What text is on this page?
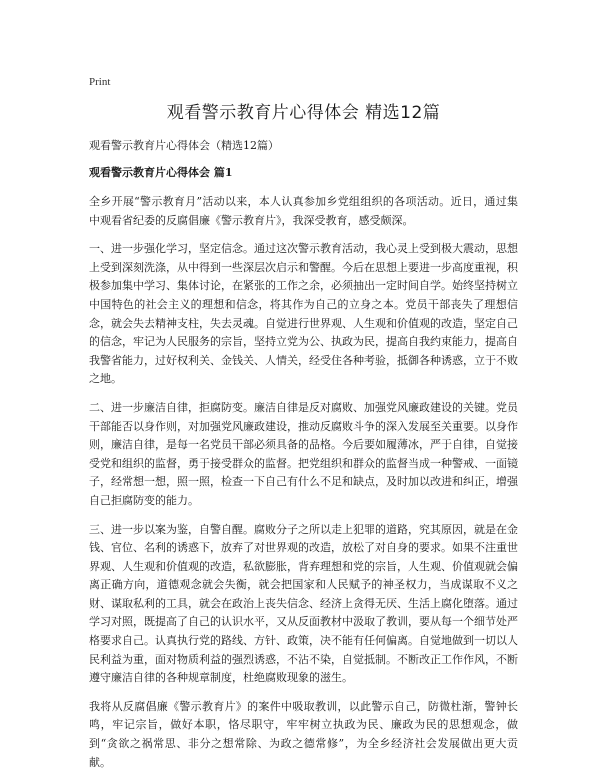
Print
观看警示教育片心得体会 精选12篇

观看警示教育片心得体会（精选12篇）

观看警示教育片心得体会 篇1

全乡开展“警示教育月”活动以来，本人认真参加乡党组组织的各项活动。近日，通过集中观看省纪委的反腐倡廉《警示教育片》，我深受教育，感受颇深。

一、进一步强化学习，坚定信念。通过这次警示教育活动，我心灵上受到极大震动，思想上受到深刻洗涤，从中得到一些深层次启示和警醒。今后在思想上要进一步高度重视，积极参加集中学习、集体讨论，在紧张的工作之余，必须抽出一定时间自学。始终坚持树立中国特色的社会主义的理想和信念，将其作为自己的立身之本。党员干部丧失了理想信念，就会失去精神支柱，失去灵魂。自觉进行世界观、人生观和价值观的改造，坚定自己的信念，牢记为人民服务的宗旨，坚持立党为公、执政为民，提高自我约束能力，提高自我警省能力，过好权利关、金钱关、人情关，经受住各种考验，抵御各种诱惑，立于不败之地。

二、进一步廉洁自律，拒腐防变。廉洁自律是反对腐败、加强党风廉政建设的关键。党员干部能否以身作则，对加强党风廉政建设，推动反腐败斗争的深入发展至关重要。以身作则，廉洁自律，是每一名党员干部必须具备的品格。今后要如履薄冰，严于自律，自觉接受党和组织的监督，勇于接受群众的监督。把党组织和群众的监督当成一种警戒、一面镜子，经常想一想，照一照，检查一下自己有什么不足和缺点，及时加以改进和纠正，增强自己拒腐防变的能力。

三、进一步以案为鉴，自警自醒。腐败分子之所以走上犯罪的道路，究其原因，就是在金钱、官位、名利的诱惑下，放弃了对世界观的改造，放松了对自身的要求。如果不注重世界观、人生观和价值观的改造，私欲膨胀，背弃理想和党的宗旨，人生观、价值观就会偏离正确方向，道德观念就会失衡，就会把国家和人民赋予的神圣权力，当成谋取不义之财、谋取私利的工具，就会在政治上丧失信念、经济上贪得无厌、生活上腐化堕落。通过学习对照，既提高了自己的认识水平，又从反面教材中汲取了教训，要从每一个细节处严格要求自己。认真执行党的路线、方针、政策，决不能有任何偏离。自觉地做到一切以人民利益为重，面对物质利益的强烈诱惑，不沾不染，自觉抵制。不断改正工作作风，不断遵守廉洁自律的各种规章制度，杜绝腐败现象的滋生。

我将从反腐倡廉《警示教育片》的案件中吸取教训，以此警示自己，防微杜渐，警钟长鸣，牢记宗旨，做好本职，恪尽职守，牢牢树立执政为民、廉政为民的思想观念，做到“贪欲之祸常思、非分之想常除、为政之德常修”，为全乡经济社会发展做出更大贡献。
